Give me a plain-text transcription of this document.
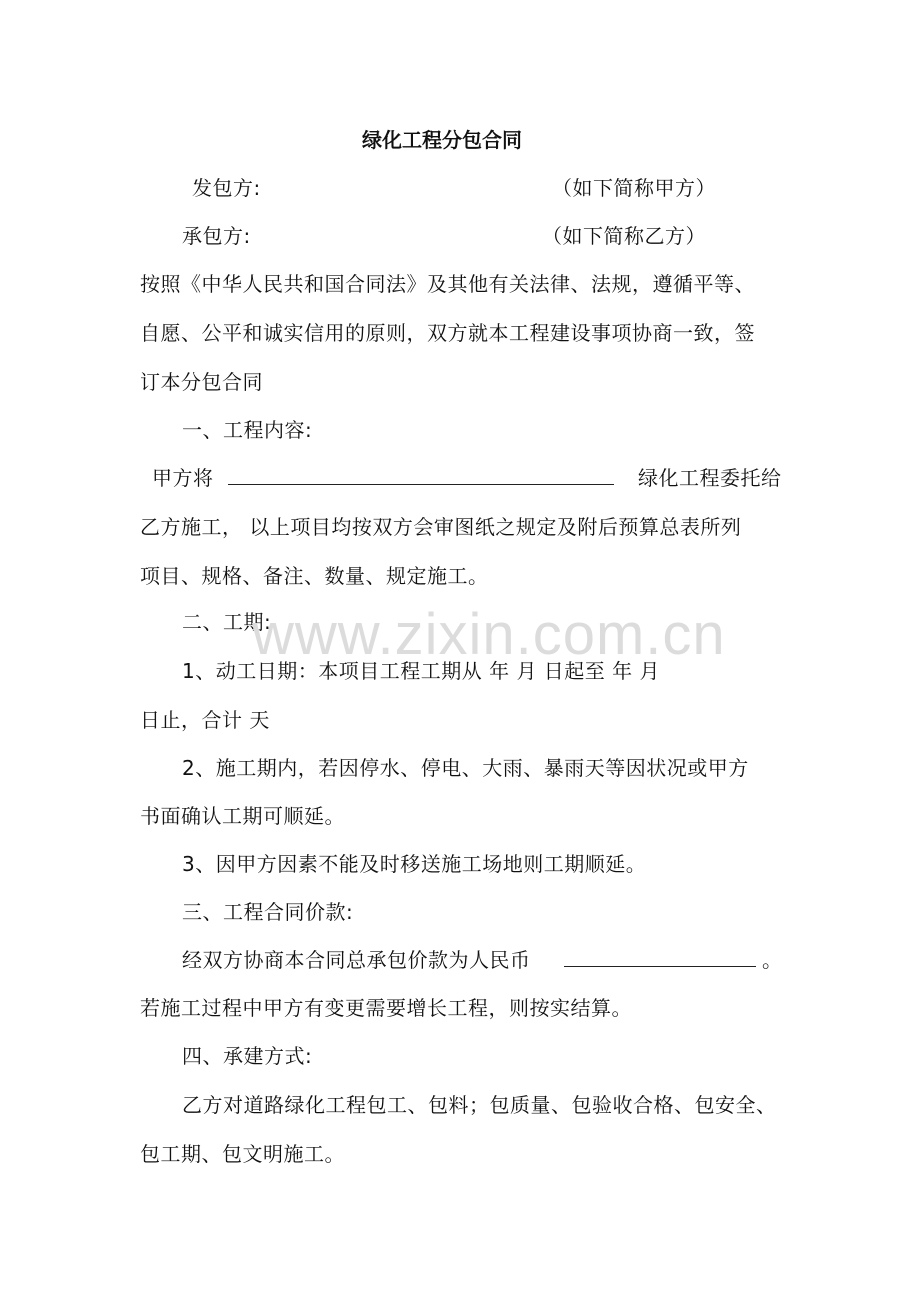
绿化工程分包合同
发包方:	（如下简称甲方）
承包方:	（如下简称乙方）
按照《中华人民共和国合同法》及其他有关法律、法规，遵循平等、
自愿、公平和诚实信用的原则，双方就本工程建设事项协商一致，签
订本分包合同
一、工程内容:
甲方将	绿化工程委托给
乙方施工， 以上项目均按双方会审图纸之规定及附后预算总表所列
项目、规格、备注、数量、规定施工。
二、工期:
1、动工日期：本项目工程工期从 年 月 日起至 年 月
日止，合计 天
2、施工期内，若因停水、停电、大雨、暴雨天等因状况或甲方
书面确认工期可顺延。
3、因甲方因素不能及时移送施工场地则工期顺延。
三、工程合同价款:
经双方协商本合同总承包价款为人民币	。
若施工过程中甲方有变更需要增长工程，则按实结算。
四、承建方式:
乙方对道路绿化工程包工、包料；包质量、包验收合格、包安全、
包工期、包文明施工。
www.zixin.com.cn
